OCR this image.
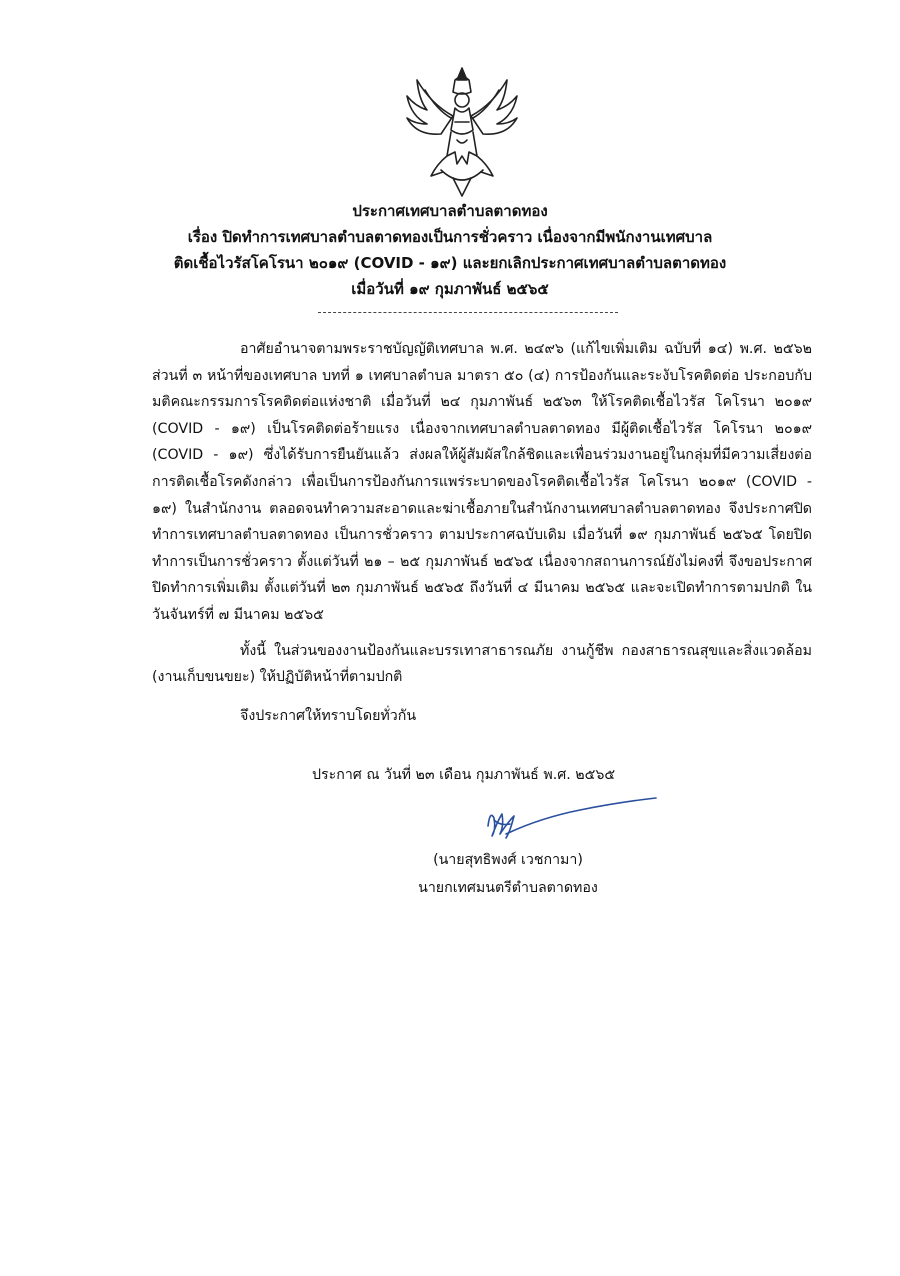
ประกาศเทศบาลตำบลตาดทอง
เรื่อง ปิดทำการเทศบาลตำบลตาดทองเป็นการชั่วคราว เนื่องจากมีพนักงานเทศบาล
ติดเชื้อไวรัสโคโรนา ๒๐๑๙ (COVID - ๑๙) และยกเลิกประกาศเทศบาลตำบลตาดทอง
เมื่อวันที่ ๑๙ กุมภาพันธ์ ๒๕๖๕

อาศัยอำนาจตามพระราชบัญญัติเทศบาล พ.ศ. ๒๔๙๖ (แก้ไขเพิ่มเติม ฉบับที่ ๑๔) พ.ศ. ๒๕๖๒ ส่วนที่ ๓ หน้าที่ของเทศบาล บทที่ ๑ เทศบาลตำบล มาตรา ๕๐ (๔) การป้องกันและระงับโรคติดต่อ ประกอบกับมติคณะกรรมการโรคติดต่อแห่งชาติ เมื่อวันที่ ๒๔ กุมภาพันธ์ ๒๕๖๓ ให้โรคติดเชื้อไวรัส โคโรนา ๒๐๑๙ (COVID - ๑๙) เป็นโรคติดต่อร้ายแรง เนื่องจากเทศบาลตำบลตาดทอง มีผู้ติดเชื้อไวรัส โคโรนา ๒๐๑๙ (COVID - ๑๙) ซึ่งได้รับการยืนยันแล้ว ส่งผลให้ผู้สัมผัสใกล้ชิดและเพื่อนร่วมงานอยู่ในกลุ่มที่มีความเสี่ยงต่อการติดเชื้อโรคดังกล่าว เพื่อเป็นการป้องกันการแพร่ระบาดของโรคติดเชื้อไวรัส โคโรนา ๒๐๑๙ (COVID - ๑๙) ในสำนักงาน ตลอดจนทำความสะอาดและฆ่าเชื้อภายในสำนักงานเทศบาลตำบลตาดทอง จึงประกาศปิดทำการเทศบาลตำบลตาดทอง เป็นการชั่วคราว ตามประกาศฉบับเดิม เมื่อวันที่ ๑๙ กุมภาพันธ์ ๒๕๖๕ โดยปิดทำการเป็นการชั่วคราว ตั้งแต่วันที่ ๒๑ – ๒๕ กุมภาพันธ์ ๒๕๖๕ เนื่องจากสถานการณ์ยังไม่คงที่ จึงขอประกาศปิดทำการเพิ่มเติม ตั้งแต่วันที่ ๒๓ กุมภาพันธ์ ๒๕๖๕ ถึงวันที่ ๔ มีนาคม ๒๕๖๕ และจะเปิดทำการตามปกติ ในวันจันทร์ที่ ๗ มีนาคม ๒๕๖๕

ทั้งนี้ ในส่วนของงานป้องกันและบรรเทาสาธารณภัย งานกู้ชีพ กองสาธารณสุขและสิ่งแวดล้อม (งานเก็บขนขยะ) ให้ปฏิบัติหน้าที่ตามปกติ

จึงประกาศให้ทราบโดยทั่วกัน

ประกาศ ณ วันที่ ๒๓ เดือน กุมภาพันธ์ พ.ศ. ๒๕๖๕
(นายสุทธิพงศ์ เวชกามา)
นายกเทศมนตรีตำบลตาดทอง
